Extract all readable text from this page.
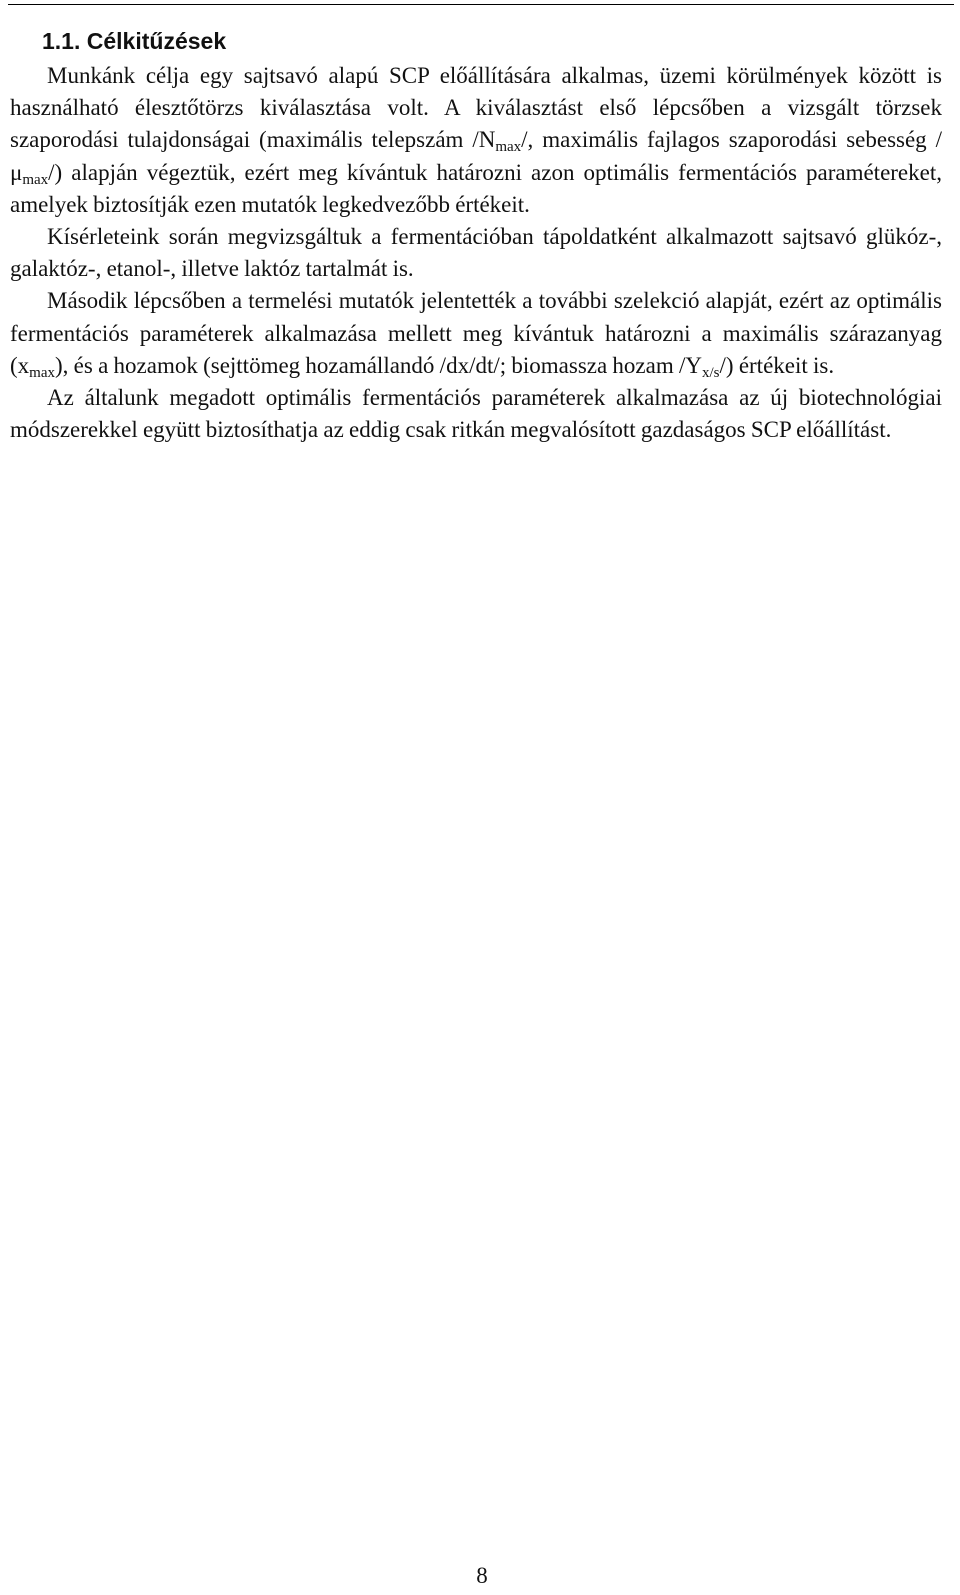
1.1. Célkitűzések

Munkánk célja egy sajtsavó alapú SCP előállítására alkalmas, üzemi körülmények között is használható élesztőtörzs kiválasztása volt. A kiválasztást első lépcsőben a vizsgált törzsek szaporodási tulajdonságai (maximális telepszám $/N_{max}/$, maximális fajlagos szaporodási sebesség $/\mu_{max}/$) alapján végeztük, ezért meg kívántuk határozni azon optimális fermentációs paramétereket, amelyek biztosítják ezen mutatók legkedvezőbb értékeit.

Kísérleteink során megvizsgáltuk a fermentációban tápoldatként alkalmazott sajtsavó glükóz-, galaktóz-, etanol-, illetve laktóz tartalmát is.

Második lépcsőben a termelési mutatók jelentették a további szelekció alapját, ezért az optimális fermentációs paraméterek alkalmazása mellett meg kívántuk határozni a maximális szárazanyag $(x_{max})$, és a hozamok (sejttömeg hozamállandó /dx/dt/; biomassza hozam $/Y_{x/s}/$) értékeit is.

Az általunk megadott optimális fermentációs paraméterek alkalmazása az új biotechnológiai módszerekkel együtt biztosíthatja az eddig csak ritkán megvalósított gazdaságos SCP előállítást.

8
